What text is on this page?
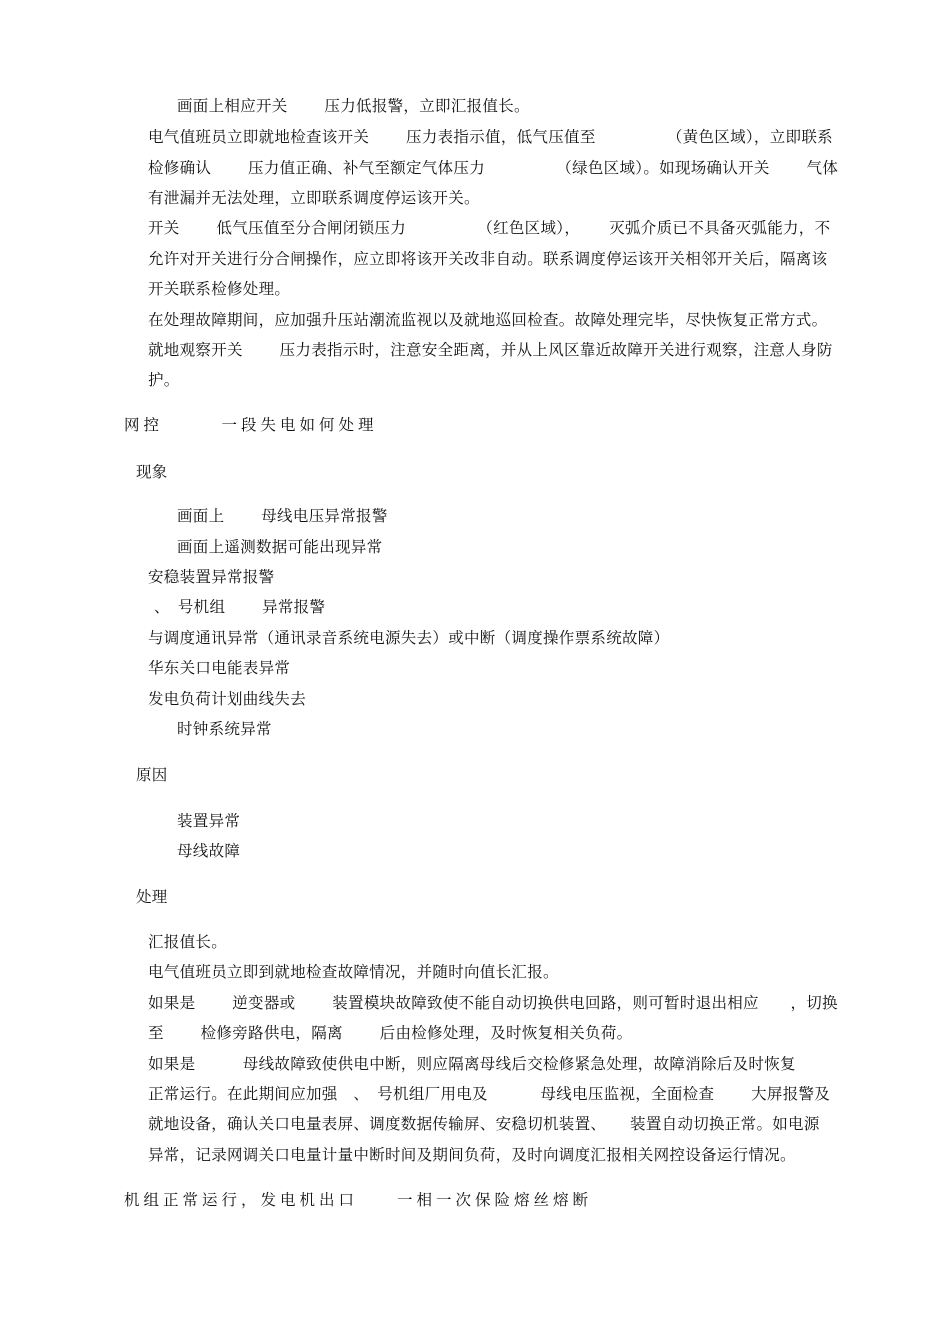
画面上相应开关　　 压力低报警，立即汇报值长。
电气值班员立即就地检查该开关　　 压力表指示值，低气压值至　　　　　（黄色区域），立即联系
检修确认　　 压力值正确、补气至额定气体压力　　　　　（绿色区域）。如现场确认开关　　 气体
有泄漏并无法处理，立即联系调度停运该开关。
开关　　 低气压值至分合闸闭锁压力　　　　　（红色区域），　　 灭弧介质已不具备灭弧能力，不
允许对开关进行分合闸操作，应立即将该开关改非自动。联系调度停运该开关相邻开关后，隔离该
开关联系检修处理。
在处理故障期间，应加强升压站潮流监视以及就地巡回检查。故障处理完毕，尽快恢复正常方式。
就地观察开关　　 压力表指示时，注意安全距离，并从上风区靠近故障开关进行观察，注意人身防
护。
网控　　　一段失电如何处理
现象
画面上　　 母线电压异常报警
画面上遥测数据可能出现异常
安稳装置异常报警
、　号机组　　 异常报警
与调度通讯异常（通讯录音系统电源失去）或中断（调度操作票系统故障）
华东关口电能表异常
发电负荷计划曲线失去
时钟系统异常
原因
装置异常
母线故障
处理
汇报值长。
电气值班员立即到就地检查故障情况，并随时向值长汇报。
如果是　　 逆变器或　　 装置模块故障致使不能自动切换供电回路，则可暂时退出相应　　，切换
至　　 检修旁路供电，隔离　　 后由检修处理，及时恢复相关负荷。
如果是　　　母线故障致使供电中断，则应隔离母线后交检修紧急处理，故障消除后及时恢复
正常运行。在此期间应加强　、　号机组厂用电及　　　 母线电压监视，全面检查　　 大屏报警及
就地设备，确认关口电量表屏、调度数据传输屏、安稳切机装置、　　装置自动切换正常。如电源
异常，记录网调关口电量计量中断时间及期间负荷，及时向调度汇报相关网控设备运行情况。
机组正常运行，发电机出口　　一相一次保险熔丝熔断
